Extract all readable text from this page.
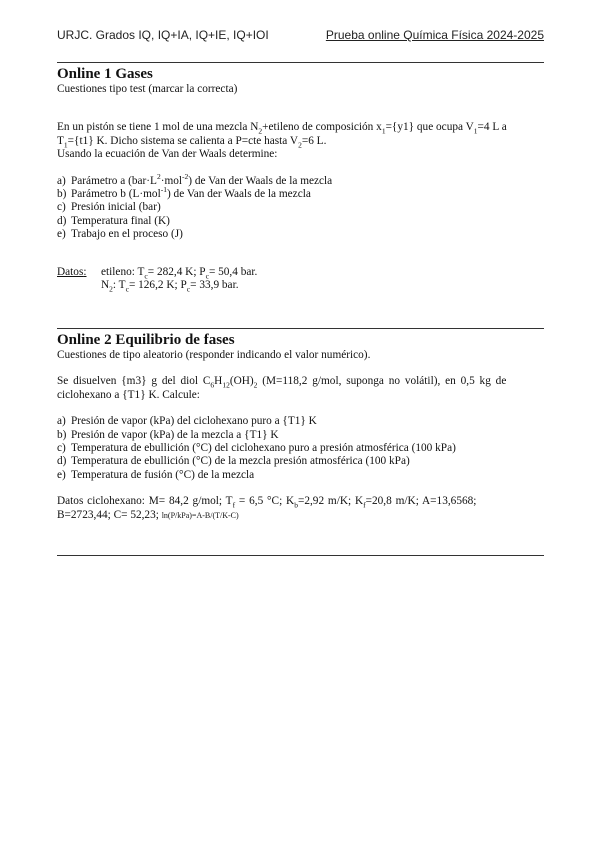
URJC. Grados IQ, IQ+IA, IQ+IE, IQ+IOI	Prueba online Química Física 2024-2025

Online 1 Gases

Cuestiones tipo test (marcar la correcta)

En un pistón se tiene 1 mol de una mezcla $N_2+etileno$ de composición $x_1=\{y1\}$ que ocupa $V_1=4$ L a

$T_1=\{t1\}$ K. Dicho sistema se calienta a P=cte hasta $V_2=6$ L.

Usando la ecuación de Van der Waals determine:

a) Parámetro a $(bar\cdot L^2\cdot mol^{-2})$ de Van der Waals de la mezcla
b) Parámetro b (L·mol$^{-1}$) de Van der Waals de la mezcla
c) Presión inicial (bar)
d) Temperatura final (K)
e) Trabajo en el proceso (J)

Datos: etileno: $T_c= 282,4$ K; $P_c= 50,4$ bar.

$N_2$: $T_c= 126,2$ K; $P_c= 33,9$ bar.

Online 2 Equilibrio de fases

Cuestiones de tipo aleatorio (responder indicando el valor numérico).

Se disuelven {m3} g del diol $C_6H_{12}(OH)_2$ (M=118,2 g/mol, suponga no volátil), en 0,5 kg de

ciclohexano a {T1} K. Calcule:

a) Presión de vapor (kPa) del ciclohexano puro a {T1} K
b) Presión de vapor (kPa) de la mezcla a {T1} K
c) Temperatura de ebullición (°C) del ciclohexano puro a presión atmosférica (100 kPa)
d) Temperatura de ebullición (°C) de la mezcla presión atmosférica (100 kPa)
e) Temperatura de fusión (°C) de la mezcla

Datos ciclohexano: M= 84,2 g/mol; $T_f = 6,5$ °C; $K_b=2,92$ m/K; $K_f=20,8$ m/K; A=13,6568;

B=2723,44; C= 52,23; ln(P/kPa)=A-B/(T/K-C)
